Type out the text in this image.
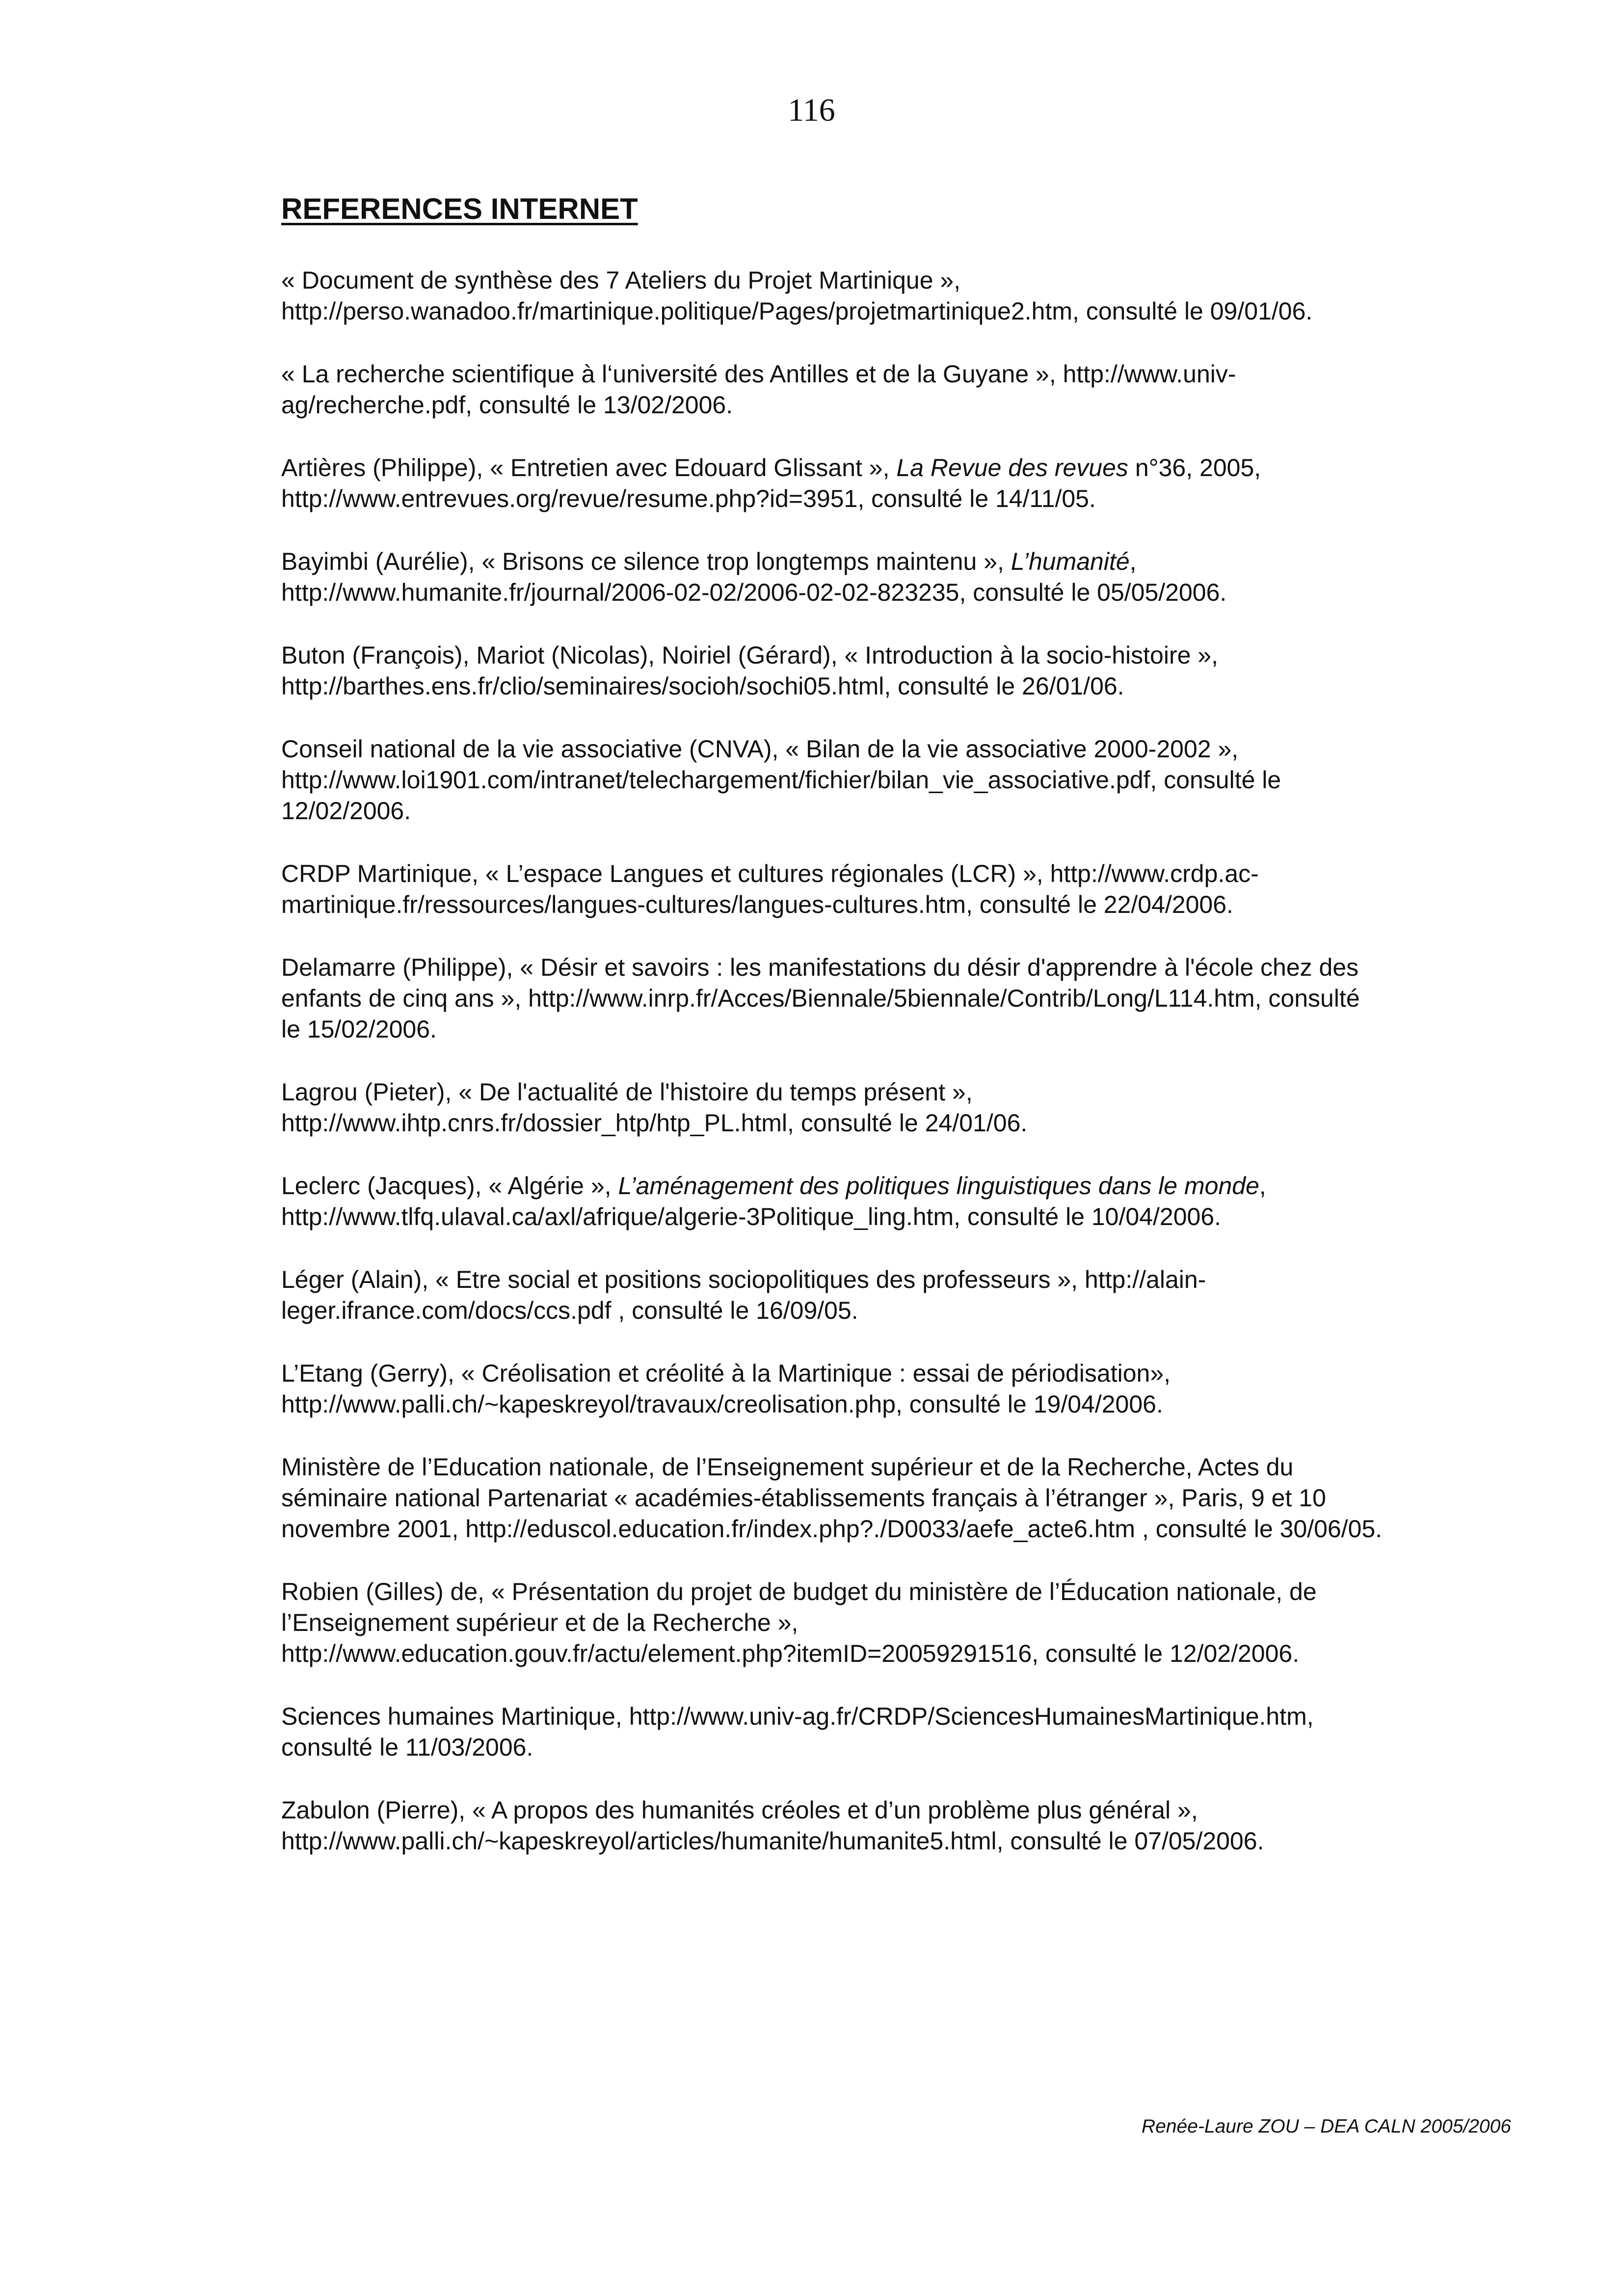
116
REFERENCES INTERNET
« Document de synthèse des 7 Ateliers du Projet Martinique »,
http://perso.wanadoo.fr/martinique.politique/Pages/projetmartinique2.htm, consulté le 09/01/06.
« La recherche scientifique à l‘université des Antilles et de la Guyane », http://www.univ-
ag/recherche.pdf, consulté le 13/02/2006.
Artières (Philippe), « Entretien avec Edouard Glissant », La Revue des revues n°36, 2005,
http://www.entrevues.org/revue/resume.php?id=3951, consulté le 14/11/05.
Bayimbi (Aurélie), « Brisons ce silence trop longtemps maintenu », L’humanité,
http://www.humanite.fr/journal/2006-02-02/2006-02-02-823235, consulté le 05/05/2006.
Buton (François), Mariot (Nicolas), Noiriel (Gérard), « Introduction à la socio-histoire »,
http://barthes.ens.fr/clio/seminaires/socioh/sochi05.html, consulté le 26/01/06.
Conseil national de la vie associative (CNVA), « Bilan de la vie associative 2000-2002 »,
http://www.loi1901.com/intranet/telechargement/fichier/bilan_vie_associative.pdf, consulté le
12/02/2006.
CRDP Martinique, « L’espace Langues et cultures régionales (LCR) », http://www.crdp.ac-
martinique.fr/ressources/langues-cultures/langues-cultures.htm, consulté le 22/04/2006.
Delamarre (Philippe), « Désir et savoirs : les manifestations du désir d'apprendre à l'école chez des
enfants de cinq ans », http://www.inrp.fr/Acces/Biennale/5biennale/Contrib/Long/L114.htm, consulté
le 15/02/2006.
Lagrou (Pieter), « De l'actualité de l'histoire du temps présent »,
http://www.ihtp.cnrs.fr/dossier_htp/htp_PL.html, consulté le 24/01/06.
Leclerc (Jacques), « Algérie », L’aménagement des politiques linguistiques dans le monde,
http://www.tlfq.ulaval.ca/axl/afrique/algerie-3Politique_ling.htm, consulté le 10/04/2006.
Léger (Alain), « Etre social et positions sociopolitiques des professeurs », http://alain-
leger.ifrance.com/docs/ccs.pdf , consulté le 16/09/05.
L’Etang (Gerry), « Créolisation et créolité à la Martinique : essai de périodisation»,
http://www.palli.ch/~kapeskreyol/travaux/creolisation.php, consulté le 19/04/2006.
Ministère de l’Education nationale, de l’Enseignement supérieur et de la Recherche, Actes du
séminaire national Partenariat « académies-établissements français à l’étranger », Paris, 9 et 10
novembre 2001, http://eduscol.education.fr/index.php?./D0033/aefe_acte6.htm , consulté le 30/06/05.
Robien (Gilles) de, « Présentation du projet de budget du ministère de l’Éducation nationale, de
l’Enseignement supérieur et de la Recherche »,
http://www.education.gouv.fr/actu/element.php?itemID=20059291516, consulté le 12/02/2006.
Sciences humaines Martinique, http://www.univ-ag.fr/CRDP/SciencesHumainesMartinique.htm,
consulté le 11/03/2006.
Zabulon (Pierre), « A propos des humanités créoles et d’un problème plus général »,
http://www.palli.ch/~kapeskreyol/articles/humanite/humanite5.html, consulté le 07/05/2006.
Renée-Laure ZOU – DEA CALN 2005/2006
